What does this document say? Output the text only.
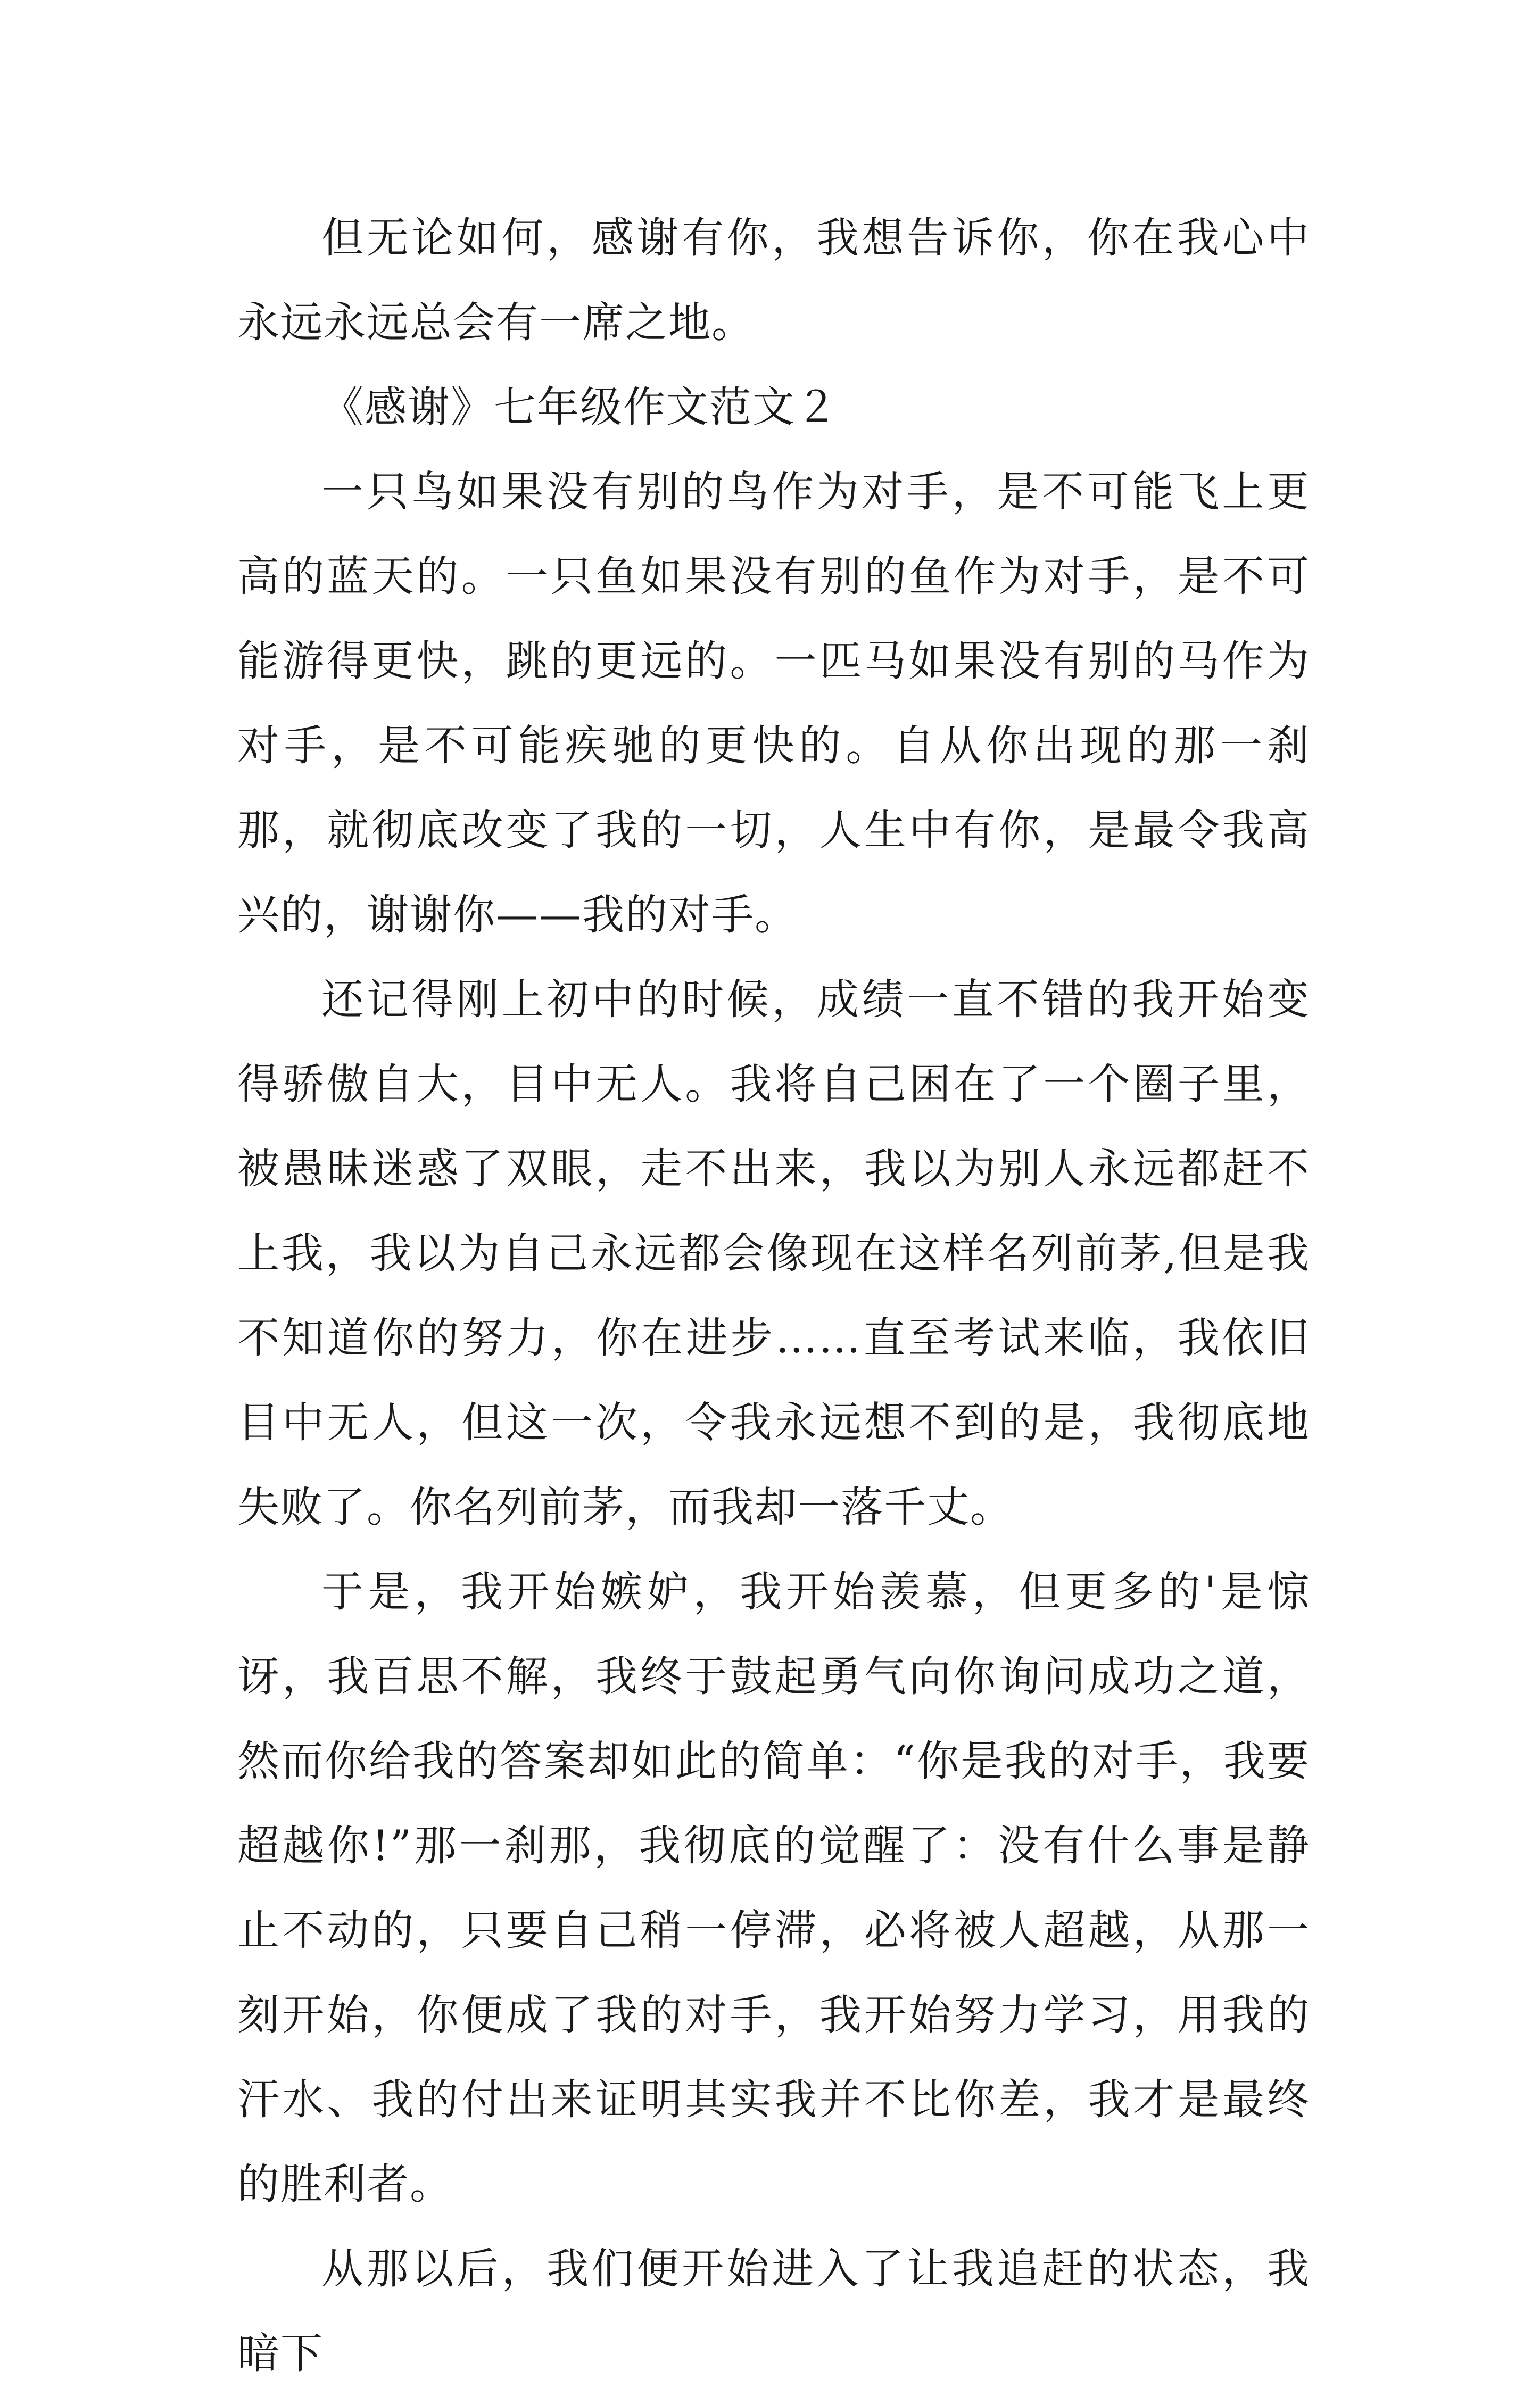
但无论如何，感谢有你，我想告诉你，你在我心中永远永远总会有一席之地。

《感谢》七年级作文范文２

一只鸟如果没有别的鸟作为对手，是不可能飞上更高的蓝天的。一只鱼如果没有别的鱼作为对手，是不可能游得更快，跳的更远的。一匹马如果没有别的马作为对手，是不可能疾驰的更快的。自从你出现的那一刹那，就彻底改变了我的一切，人生中有你，是最令我高兴的，谢谢你——我的对手。

还记得刚上初中的时候，成绩一直不错的我开始变得骄傲自大，目中无人。我将自己困在了一个圈子里，被愚昧迷惑了双眼，走不出来，我以为别人永远都赶不上我，我以为自己永远都会像现在这样名列前茅,但是我不知道你的努力，你在进步……直至考试来临，我依旧目中无人，但这一次，令我永远想不到的是，我彻底地失败了。你名列前茅，而我却一落千丈。

于是，我开始嫉妒，我开始羡慕，但更多的'是惊讶，我百思不解，我终于鼓起勇气向你询问成功之道，然而你给我的答案却如此的简单：“你是我的对手，我要超越你!”那一刹那，我彻底的觉醒了：没有什么事是静止不动的，只要自己稍一停滞，必将被人超越，从那一刻开始，你便成了我的对手，我开始努力学习，用我的汗水、我的付出来证明其实我并不比你差，我才是最终的胜利者。

从那以后，我们便开始进入了让我追赶的状态，我暗下
